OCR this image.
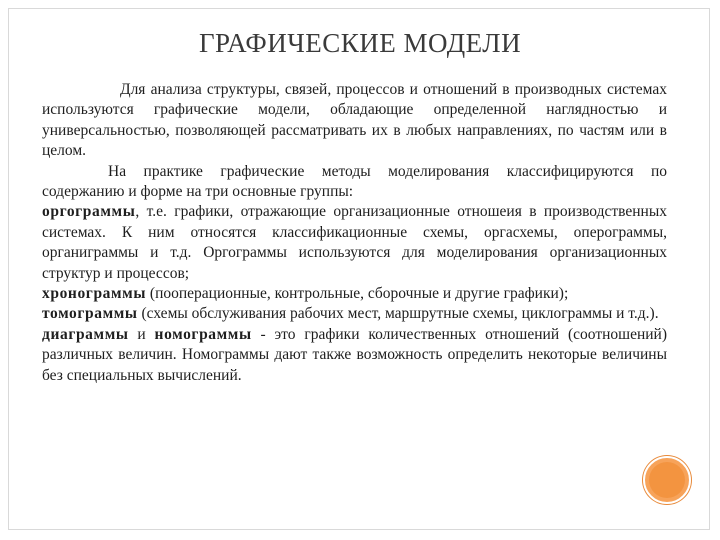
ГРАФИЧЕСКИЕ МОДЕЛИ

Для анализа структуры, связей, процессов и отношений в производных системах используются графические модели, обладающие определенной наглядностью и универсальностью, позволяющей рассматривать их в любых направлениях, по частям или в целом.

На практике графические методы моделирования классифицируются по содержанию и форме на три основные группы:

оргограммы, т.е. графики, отражающие организационные отношеия в производственных системах. К ним относятся классификационные схемы, оргасхемы, оперограммы, органиграммы и т.д. Оргограммы используются для моделирования организационных структур и процессов;

хронограммы (пооперационные, контрольные, сборочные и другие графики);

томограммы (схемы обслуживания рабочих мест, маршрутные схемы, циклограммы и т.д.).

диаграммы и номограммы - это графики количественных отношений (соотношений) различных величин. Номограммы дают также возможность определить некоторые величины без специальных вычислений.
